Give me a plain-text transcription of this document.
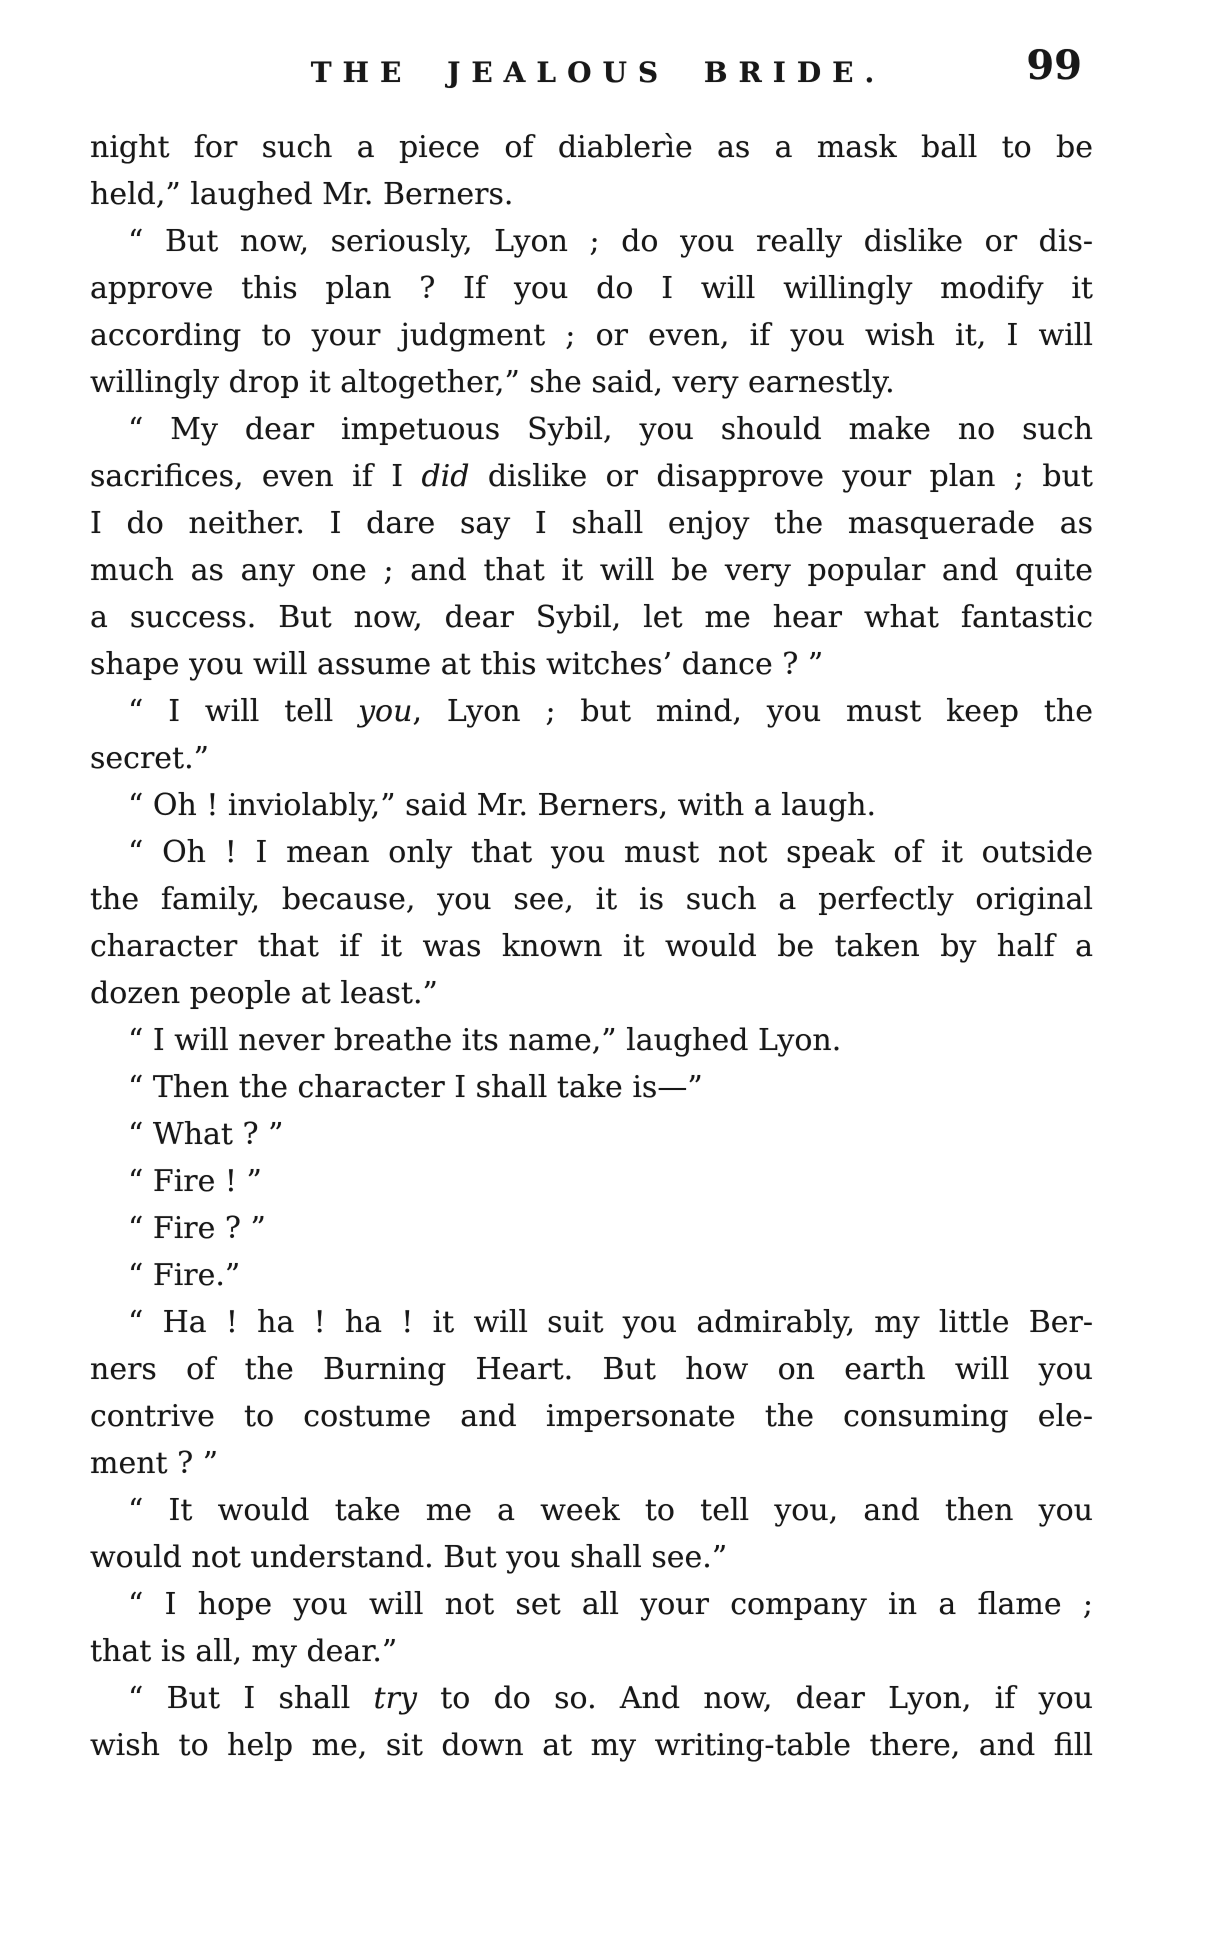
THE JEALOUS BRIDE.	99
night for such a piece of diablerìe as a mask ball to be
held,” laughed Mr. Berners.
“ But now, seriously, Lyon ; do you really dislike or dis-
approve this plan ? If you do I will willingly modify it
according to your judgment ; or even, if you wish it, I will
willingly drop it altogether,” she said, very earnestly.
“ My dear impetuous Sybil, you should make no such
sacrifices, even if I did dislike or disapprove your plan ; but
I do neither. I dare say I shall enjoy the masquerade as
much as any one ; and that it will be very popular and quite
a success. But now, dear Sybil, let me hear what fantastic
shape you will assume at this witches’ dance ? ”
“ I will tell you, Lyon ; but mind, you must keep the
secret.”
“ Oh ! inviolably,” said Mr. Berners, with a laugh.
“ Oh ! I mean only that you must not speak of it outside
the family, because, you see, it is such a perfectly original
character that if it was known it would be taken by half a
dozen people at least.”
“ I will never breathe its name,” laughed Lyon.
“ Then the character I shall take is—”
“ What ? ”
“ Fire ! ”
“ Fire ? ”
“ Fire.”
“ Ha ! ha ! ha ! it will suit you admirably, my little Ber-
ners of the Burning Heart. But how on earth will you
contrive to costume and impersonate the consuming ele-
ment ? ”
“ It would take me a week to tell you, and then you
would not understand. But you shall see.”
“ I hope you will not set all your company in a flame ;
that is all, my dear.”
“ But I shall try to do so. And now, dear Lyon, if you
wish to help me, sit down at my writing-table there, and fill
